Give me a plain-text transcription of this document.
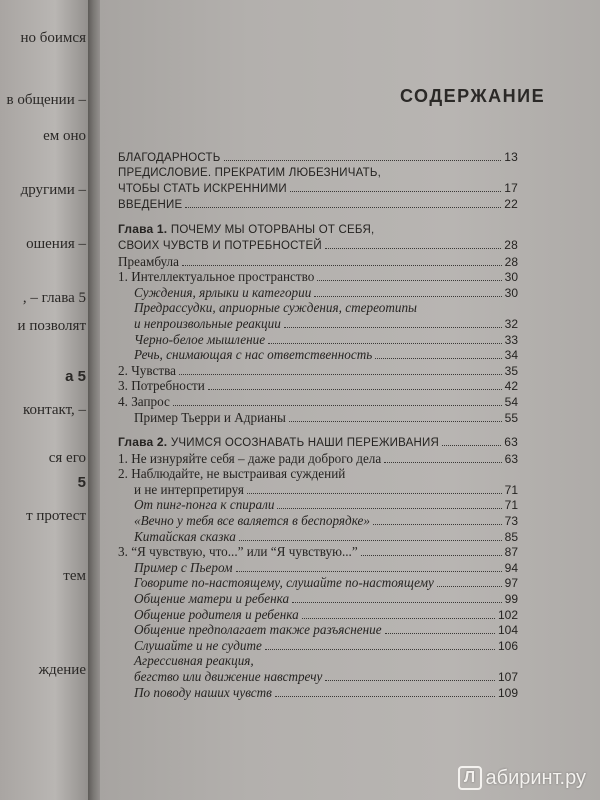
но боимся
в общении –
ем оно
другими –
ошения –
, – глава 5
и позволят
а 5
контакт, –
ся его
5
т протест
тем
ждение
СОДЕРЖАНИЕ
БЛАГОДАРНОСТЬ	13
ПРЕДИСЛОВИЕ. ПРЕКРАТИМ ЛЮБЕЗНИЧАТЬ,
ЧТОБЫ СТАТЬ ИСКРЕННИМИ	17
ВВЕДЕНИЕ	22
Глава 1. ПОЧЕМУ МЫ ОТОРВАНЫ ОТ СЕБЯ,
СВОИХ ЧУВСТВ И ПОТРЕБНОСТЕЙ	28
Преамбула	28
1. Интеллектуальное пространство	30
Суждения, ярлыки и категории	30
Предрассудки, априорные суждения, стереотипы
и непроизвольные реакции	32
Черно-белое мышление	33
Речь, снимающая с нас ответственность	34
2. Чувства	35
3. Потребности	42
4. Запрос	54
Пример Тьерри и Адрианы	55
Глава 2. УЧИМСЯ ОСОЗНАВАТЬ НАШИ ПЕРЕЖИВАНИЯ	63
1. Не изнуряйте себя – даже ради доброго дела	63
2. Наблюдайте, не выстраивая суждений
и не интерпретируя	71
От пинг-понга к спирали	71
«Вечно у тебя все валяется в беспорядке»	73
Китайская сказка	85
3. “Я чувствую, что...” или “Я чувствую...”	87
Пример с Пьером	94
Говорите по-настоящему, слушайте по-настоящему	97
Общение матери и ребенка	99
Общение родителя и ребенка	102
Общение предполагает также разъяснение	104
Слушайте и не судите	106
Агрессивная реакция,
бегство или движение навстречу	107
По поводу наших чувств	109
Л абиринт.ру
